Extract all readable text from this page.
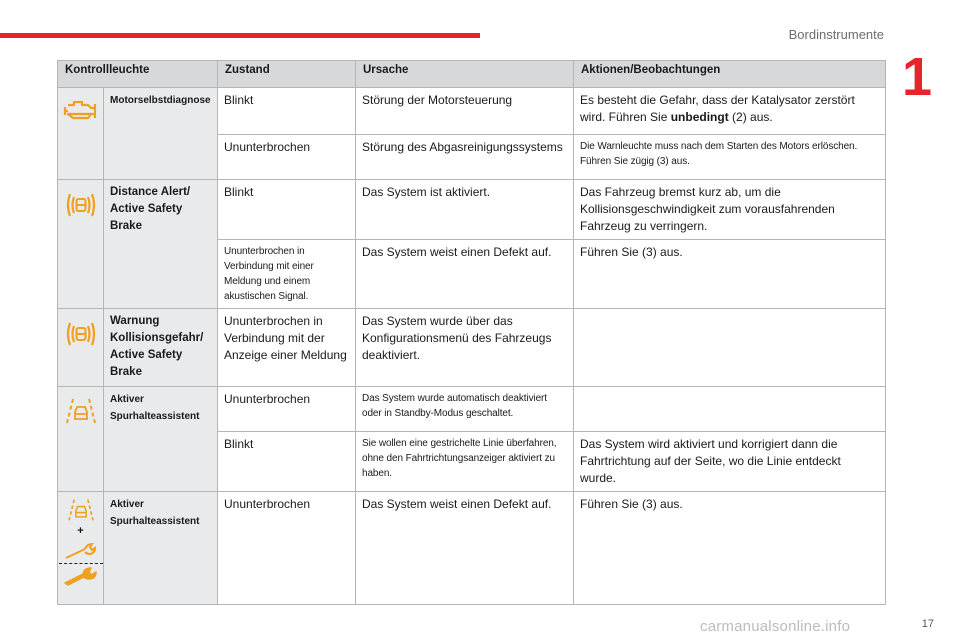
Bordinstrumente
1
Kontrollleuchte		Zustand	Ursache	Aktionen/Beobachtungen

	Motorselbstdiagnose	Blinkt	Störung der Motorsteuerung	Es besteht die Gefahr, dass der Katalysator zerstört wird. Führen Sie unbedingt (2) aus.
		Ununterbrochen	Störung des Abgasreinigungssystems	Die Warnleuchte muss nach dem Starten des Motors erlöschen. Führen Sie zügig (3) aus.

	Distance Alert/ Active Safety Brake	Blinkt	Das System ist aktiviert.	Das Fahrzeug bremst kurz ab, um die Kollisionsgeschwindigkeit zum vorausfahrenden Fahrzeug zu verringern.
		Ununterbrochen in Verbindung mit einer Meldung und einem akustischen Signal.	Das System weist einen Defekt auf.	Führen Sie (3) aus.

	Warnung Kollisionsgefahr/ Active Safety Brake	Ununterbrochen in Verbindung mit der Anzeige einer Meldung	Das System wurde über das Konfigurationsmenü des Fahrzeugs deaktiviert.	

	Aktiver Spurhalteassistent	Ununterbrochen	Das System wurde automatisch deaktiviert oder in Standby-Modus geschaltet.	
		Blinkt	Sie wollen eine gestrichelte Linie überfahren, ohne den Fahrtrichtungsanzeiger aktiviert zu haben.	Das System wird aktiviert und korrigiert dann die Fahrtrichtung auf der Seite, wo die Linie entdeckt wurde.

+	Aktiver Spurhalteassistent	Ununterbrochen	Das System weist einen Defekt auf.	Führen Sie (3) aus.
carmanualsonline.info	17
